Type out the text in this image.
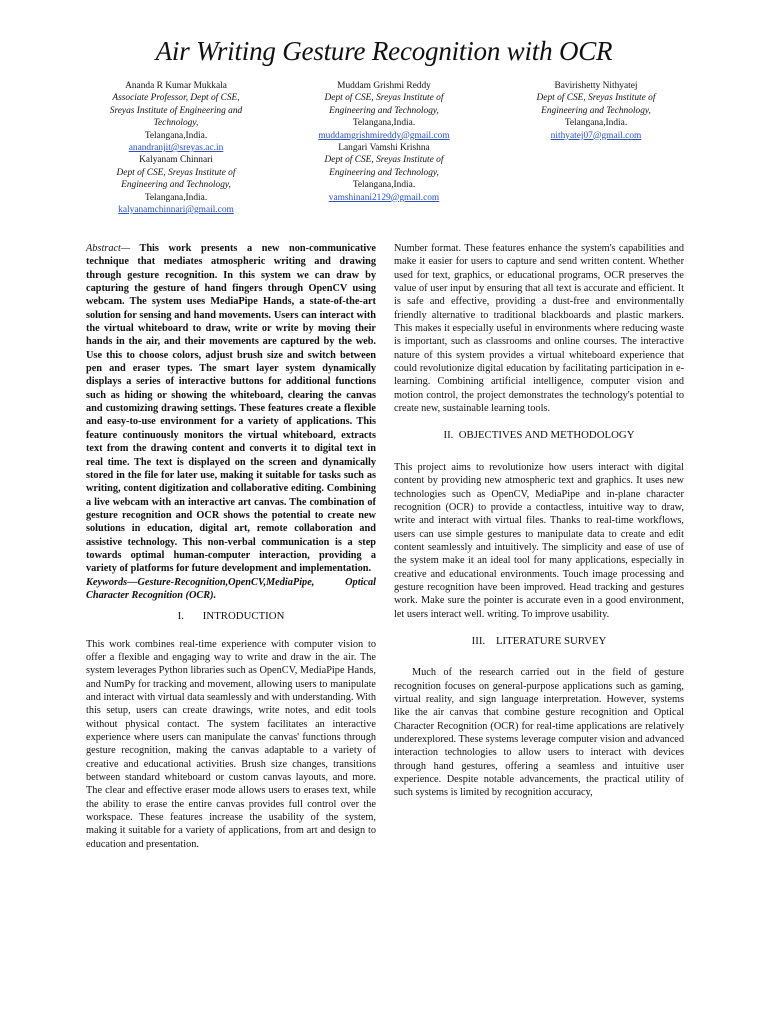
Air Writing Gesture Recognition with OCR
Ananda R Kumar Mukkala
Associate Professor, Dept of CSE,
Sreyas Institute of Engineering and
Technology,
Telangana,India.
anandranjit@sreyas.ac.in
Kalyanam Chinnari
Dept of CSE, Sreyas Institute of
Engineering and Technology,
Telangana,India.
kalyanamchinnari@gmail.com
Muddam Grishmi Reddy
Dept of CSE, Sreyas Institute of
Engineering and Technology,
Telangana,India.
muddamgrishmireddy@gmail.com
Langari Vamshi Krishna
Dept of CSE, Sreyas Institute of
Engineering and Technology,
Telangana,India.
vamshinani2129@gmail.com
Bavirishetty Nithyatej
Dept of CSE, Sreyas Institute of
Engineering and Technology,
Telangana,India.
nithyatej07@gmail.com

Abstract— This work presents a new non-communicative technique that mediates atmospheric writing and drawing through gesture recognition. In this system we can draw by capturing the gesture of hand fingers through OpenCV using webcam. The system uses MediaPipe Hands, a state-of-the-art solution for sensing and hand movements. Users can interact with the virtual whiteboard to draw, write or write by moving their hands in the air, and their movements are captured by the web. Use this to choose colors, adjust brush size and switch between pen and eraser types. The smart layer system dynamically displays a series of interactive buttons for additional functions such as hiding or showing the whiteboard, clearing the canvas and customizing drawing settings. These features create a flexible and easy-to-use environment for a variety of applications. This feature continuously monitors the virtual whiteboard, extracts text from the drawing content and converts it to digital text in real time. The text is displayed on the screen and dynamically stored in the file for later use, making it suitable for tasks such as writing, content digitization and collaborative editing. Combining a live webcam with an interactive art canvas. The combination of gesture recognition and OCR shows the potential to create new solutions in education, digital art, remote collaboration and assistive technology. This non-verbal communication is a step towards optimal human-computer interaction, providing a variety of platforms for future development and implementation.

Keywords—Gesture-Recognition,OpenCV,MediaPipe, Optical Character Recognition (OCR).

I.       INTRODUCTION

This work combines real-time experience with computer vision to offer a flexible and engaging way to write and draw in the air. The system leverages Python libraries such as OpenCV, MediaPipe Hands, and NumPy for tracking and movement, allowing users to manipulate and interact with virtual data seamlessly and with understanding. With this setup, users can create drawings, write notes, and edit tools without physical contact. The system facilitates an interactive experience where users can manipulate the canvas' functions through gesture recognition, making the canvas adaptable to a variety of creative and educational activities. Brush size changes, transitions between standard whiteboard or custom canvas layouts, and more. The clear and effective eraser mode allows users to erases text, while the ability to erase the entire canvas provides full control over the workspace. These features increase the usability of the system, making it suitable for a variety of applications, from art and design to education and presentation.

Number format. These features enhance the system's capabilities and make it easier for users to capture and send written content. Whether used for text, graphics, or educational programs, OCR preserves the value of user input by ensuring that all text is accurate and efficient. It is safe and effective, providing a dust-free and environmentally friendly alternative to traditional blackboards and plastic markers. This makes it especially useful in environments where reducing waste is important, such as classrooms and online courses. The interactive nature of this system provides a virtual whiteboard experience that could revolutionize digital education by facilitating participation in e-learning. Combining artificial intelligence, computer vision and motion control, the project demonstrates the technology's potential to create new, sustainable learning tools.

II.  OBJECTIVES AND METHODOLOGY

This project aims to revolutionize how users interact with digital content by providing new atmospheric text and graphics. It uses new technologies such as OpenCV, MediaPipe and in-plane character recognition (OCR) to provide a contactless, intuitive way to draw, write and interact with virtual files. Thanks to real-time workflows, users can use simple gestures to manipulate data to create and edit content seamlessly and intuitively. The simplicity and ease of use of the system make it an ideal tool for many applications, especially in creative and educational environments. Touch image processing and gesture recognition have been improved. Head tracking and gestures work. Make sure the pointer is accurate even in a good environment, let users interact well. writing. To improve usability.

III.    LITERATURE SURVEY

Much of the research carried out in the field of gesture recognition focuses on general-purpose applications such as gaming, virtual reality, and sign language interpretation. However, systems like the air canvas that combine gesture recognition and Optical Character Recognition (OCR) for real-time applications are relatively underexplored. These systems leverage computer vision and advanced interaction technologies to allow users to interact with devices through hand gestures, offering a seamless and intuitive user experience. Despite notable advancements, the practical utility of such systems is limited by recognition accuracy,
